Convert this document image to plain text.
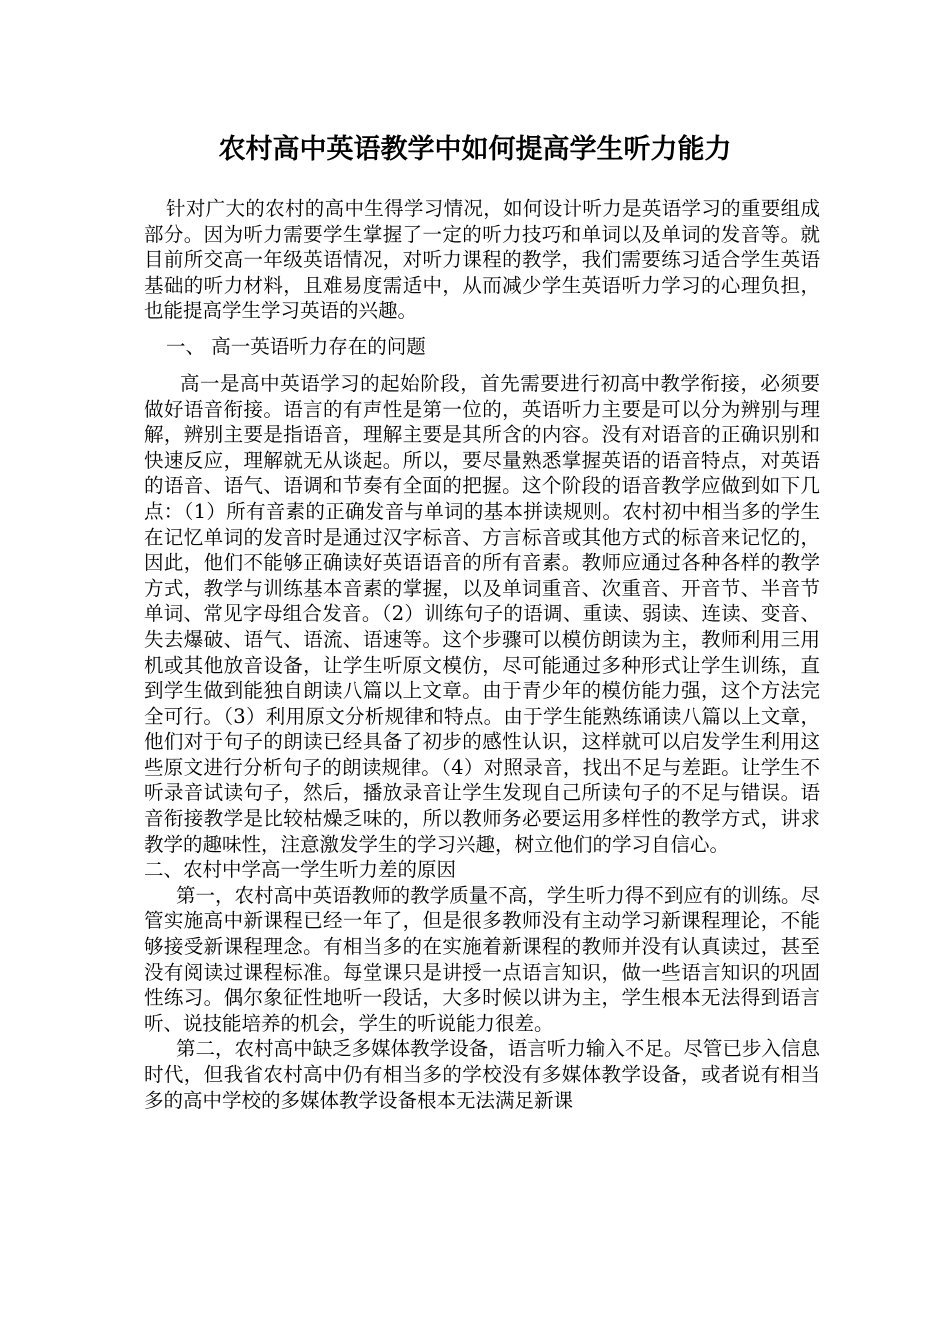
农村高中英语教学中如何提高学生听力能力

针对广大的农村的高中生得学习情况，如何设计听力是英语学习的重要组成部分。因为听力需要学生掌握了一定的听力技巧和单词以及单词的发音等。就目前所交高一年级英语情况，对听力课程的教学，我们需要练习适合学生英语基础的听力材料，且难易度需适中，从而减少学生英语听力学习的心理负担，也能提高学生学习英语的兴趣。

一、 高一英语听力存在的问题

高一是高中英语学习的起始阶段，首先需要进行初高中教学衔接，必须要做好语音衔接。语言的有声性是第一位的，英语听力主要是可以分为辨别与理解，辨别主要是指语音，理解主要是其所含的内容。没有对语音的正确识别和快速反应，理解就无从谈起。所以，要尽量熟悉掌握英语的语音特点，对英语的语音、语气、语调和节奏有全面的把握。这个阶段的语音教学应做到如下几点：（1）所有音素的正确发音与单词的基本拼读规则。农村初中相当多的学生在记忆单词的发音时是通过汉字标音、方言标音或其他方式的标音来记忆的，因此，他们不能够正确读好英语语音的所有音素。教师应通过各种各样的教学方式，教学与训练基本音素的掌握，以及单词重音、次重音、开音节、半音节单词、常见字母组合发音。（2）训练句子的语调、重读、弱读、连读、变音、失去爆破、语气、语流、语速等。这个步骤可以模仿朗读为主，教师利用三用机或其他放音设备，让学生听原文模仿，尽可能通过多种形式让学生训练，直到学生做到能独自朗读八篇以上文章。由于青少年的模仿能力强，这个方法完全可行。（3）利用原文分析规律和特点。由于学生能熟练诵读八篇以上文章，他们对于句子的朗读已经具备了初步的感性认识，这样就可以启发学生利用这些原文进行分析句子的朗读规律。（4）对照录音，找出不足与差距。让学生不听录音试读句子，然后，播放录音让学生发现自己所读句子的不足与错误。语音衔接教学是比较枯燥乏味的，所以教师务必要运用多样性的教学方式，讲求教学的趣味性，注意激发学生的学习兴趣，树立他们的学习自信心。

二、农村中学高一学生听力差的原因

第一，农村高中英语教师的教学质量不高，学生听力得不到应有的训练。尽管实施高中新课程已经一年了，但是很多教师没有主动学习新课程理论，不能够接受新课程理念。有相当多的在实施着新课程的教师并没有认真读过，甚至没有阅读过课程标准。每堂课只是讲授一点语言知识，做一些语言知识的巩固性练习。偶尔象征性地听一段话，大多时候以讲为主，学生根本无法得到语言听、说技能培养的机会，学生的听说能力很差。

第二，农村高中缺乏多媒体教学设备，语言听力输入不足。尽管已步入信息时代，但我省农村高中仍有相当多的学校没有多媒体教学设备，或者说有相当多的高中学校的多媒体教学设备根本无法满足新课
